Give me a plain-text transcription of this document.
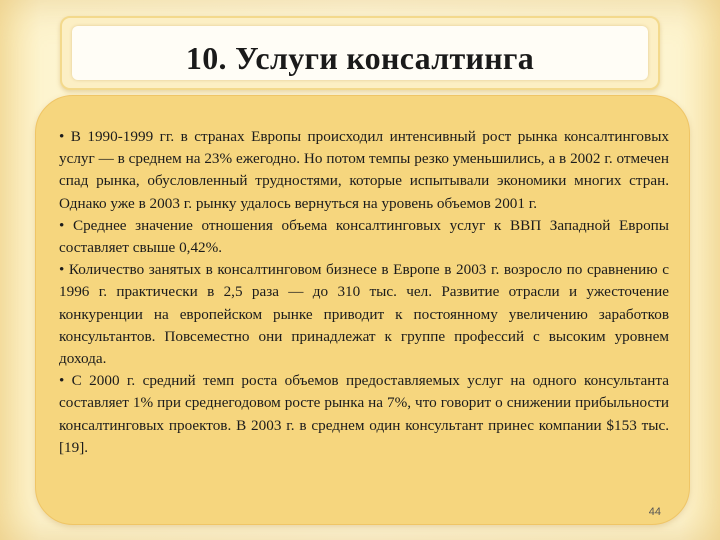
10. Услуги консалтинга

• В 1990-1999 гг. в странах Европы происходил интенсивный рост рынка консалтинговых услуг — в среднем на 23% ежегодно. Но потом темпы резко уменьшились, а в 2002 г. отмечен спад рынка, обусловленный трудностями, которые испытывали экономики многих стран. Однако уже в 2003 г. рынку удалось вернуться на уровень объемов 2001 г.

• Среднее значение отношения объема консалтинговых услуг к ВВП Западной Европы составляет свыше 0,42%.

• Количество занятых в консалтинговом бизнесе в Европе в 2003 г. возросло по сравнению с 1996 г. практически в 2,5 раза — до 310 тыс. чел. Развитие отрасли и ужесточение конкуренции на европейском рынке приводит к постоянному увеличению заработков консультантов. Повсеместно они принадлежат к группе профессий с высоким уровнем дохода.

• С 2000 г. средний темп роста объемов предоставляемых услуг на одного консультанта составляет 1% при среднегодовом росте рынка на 7%, что говорит о снижении прибыльности консалтинговых проектов. В 2003 г. в среднем один консультант принес компании $153 тыс. [19].

44
